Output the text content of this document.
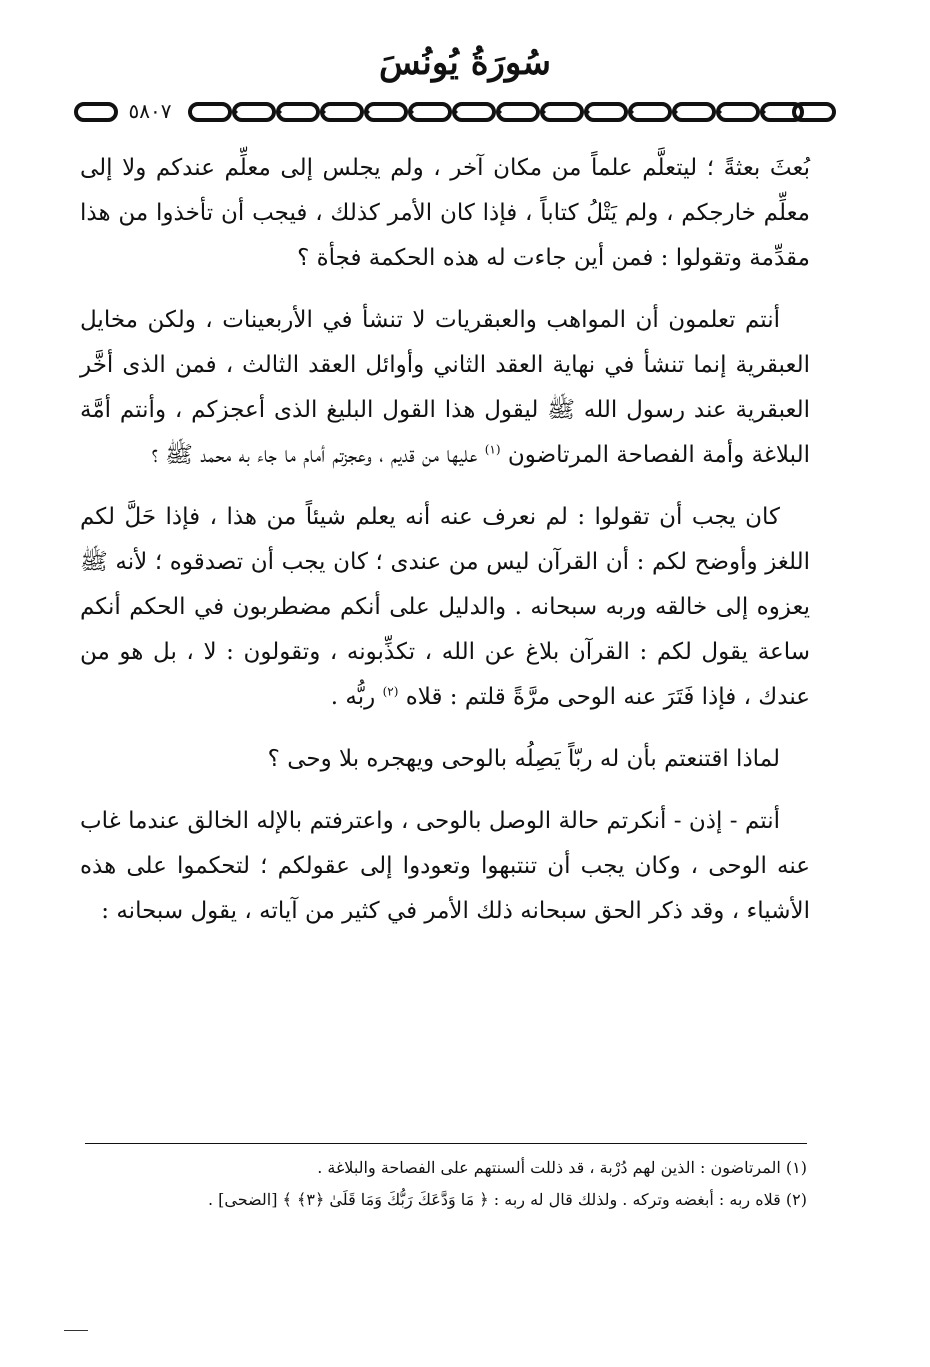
سُورَةُ يُونُسَ
٥٨٠٧

بُعثَ بعثةً ؛ ليتعلَّم علماً من مكان آخر ، ولم يجلس إلى معلِّم عندكم ولا إلى معلِّم خارجكم ، ولم يَتْلُ كتاباً ، فإذا كان الأمر كذلك ، فيجب أن تأخذوا من هذا مقدِّمة وتقولوا : فمن أين جاءت له هذه الحكمة فجأة ؟

أنتم تعلمون أن المواهب والعبقريات لا تنشأ في الأربعينات ، ولكن مخايل العبقرية إنما تنشأ في نهاية العقد الثاني وأوائل العقد الثالث ، فمن الذى أخَّر العبقرية عند رسول الله ﷺ ليقول هذا القول البليغ الذى أعجزكم ، وأنتم أمَّة البلاغة وأمة الفصاحة المرتاضون $^{(١)}$ عليها من قديم ، وعجزتم أمام ما جاء به محمد ﷺ ؟

كان يجب أن تقولوا : لم نعرف عنه أنه يعلم شيئاً من هذا ، فإذا حَلَّ لكم اللغز وأوضح لكم : أن القرآن ليس من عندى ؛ كان يجب أن تصدقوه ؛ لأنه ﷺ يعزوه إلى خالقه وربه سبحانه . والدليل على أنكم مضطربون في الحكم أنكم ساعة يقول لكم : القرآن بلاغ عن الله ، تكذِّبونه ، وتقولون : لا ، بل هو من عندك ، فإذا فَتَرَ عنه الوحى مرَّةً قلتم : قلاه $^{(٢)}$ ربُّه .

لماذا اقتنعتم بأن له ربّاً يَصِلُه بالوحى ويهجره بلا وحى ؟

أنتم - إذن - أنكرتم حالة الوصل بالوحى ، واعترفتم بالإله الخالق عندما غاب عنه الوحى ، وكان يجب أن تنتبهوا وتعودوا إلى عقولكم ؛ لتحكموا على هذه الأشياء ، وقد ذكر الحق سبحانه ذلك الأمر في كثير من آياته ، يقول سبحانه :

(١) المرتاضون : الذين لهم دُرْبة ، قد ذللت ألسنتهم على الفصاحة والبلاغة .

(٢) قلاه ربه : أبغضه وتركه . ولذلك قال له ربه : ﴿ مَا وَدَّعَكَ رَبُّكَ وَمَا قَلَىٰ ﴿٣﴾ ﴾ [الضحى] .
